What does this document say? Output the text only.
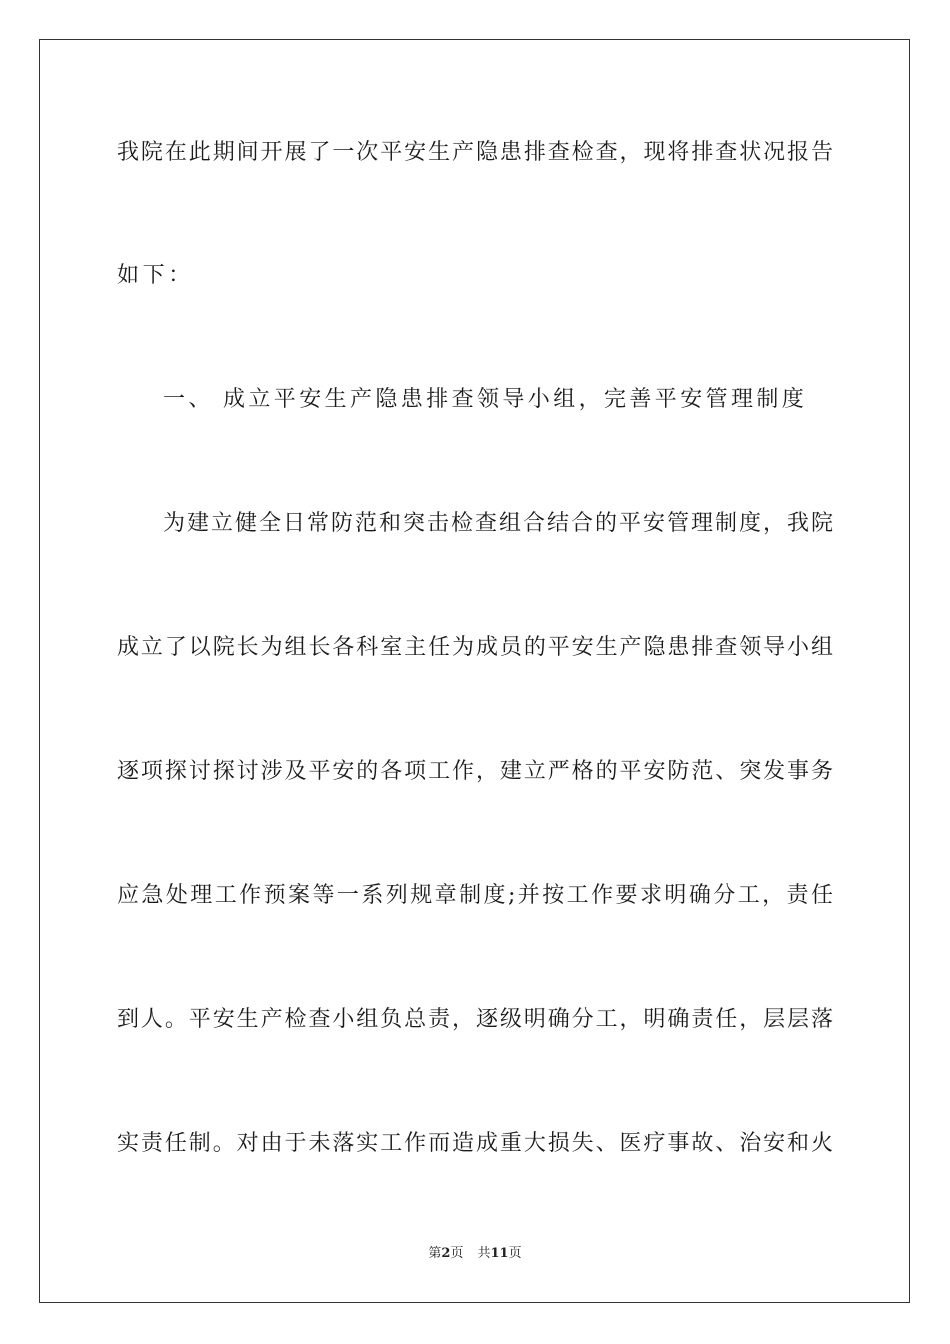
我院在此期间开展了一次平安生产隐患排查检查，现将排查状况报告
如下：
一、 成立平安生产隐患排查领导小组，完善平安管理制度
为建立健全日常防范和突击检查组合结合的平安管理制度，我院
成立了以院长为组长各科室主任为成员的平安生产隐患排查领导小组
逐项探讨探讨涉及平安的各项工作，建立严格的平安防范、突发事务
应急处理工作预案等一系列规章制度;并按工作要求明确分工，责任
到人。平安生产检查小组负总责，逐级明确分工，明确责任，层层落
实责任制。对由于未落实工作而造成重大损失、医疗事故、治安和火
第2页 共11页
